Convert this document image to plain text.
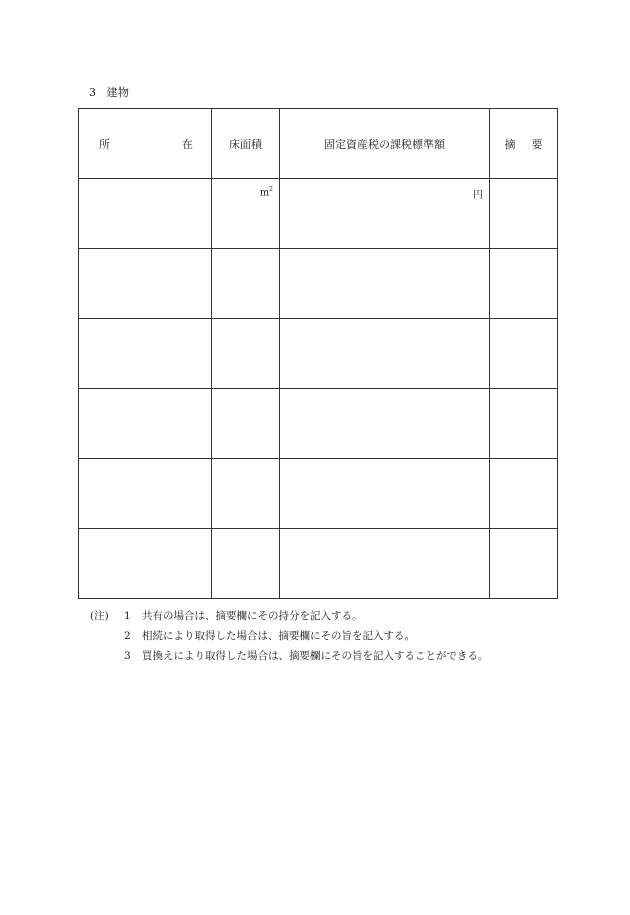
3 建物
所 在	床面積	固定資産税の課税標準額	摘 要

	$m^2$	円	

(注)	1	共有の場合は、摘要欄にその持分を記入する。
2	相続により取得した場合は、摘要欄にその旨を記入する。
3	買換えにより取得した場合は、摘要欄にその旨を記入することができる。
